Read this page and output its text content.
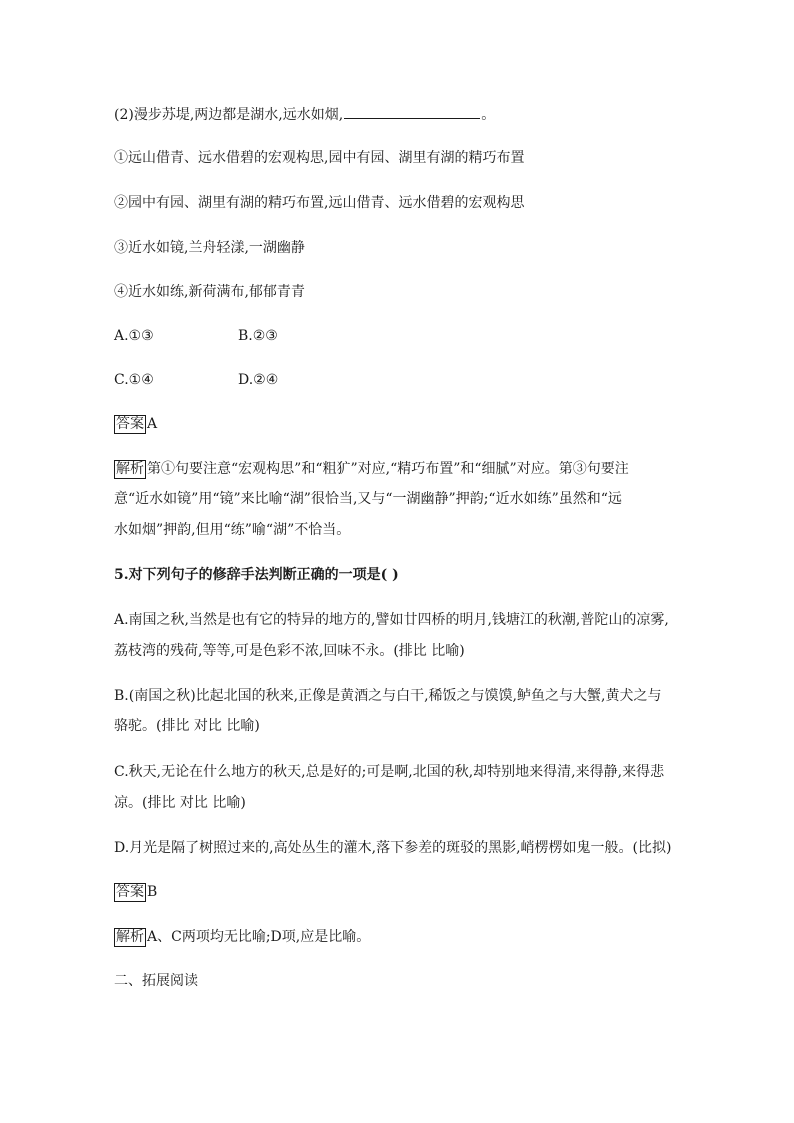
(2)漫步苏堤,两边都是湖水,远水如烟,	。
①远山借青、远水借碧的宏观构思,园中有园、湖里有湖的精巧布置
②园中有园、湖里有湖的精巧布置,远山借青、远水借碧的宏观构思
③近水如镜,兰舟轻漾,一湖幽静
④近水如练,新荷满布,郁郁青青
A.①③	B.②③
C.①④	D.②④
答案 A
解析 第①句要注意“宏观构思”和“粗犷”对应,“精巧布置”和“细腻”对应。第③句要注
意“近水如镜”用“镜”来比喻“湖”很恰当,又与“一湖幽静”押韵;“近水如练”虽然和“远
水如烟”押韵,但用“练”喻“湖”不恰当。
5.对下列句子的修辞手法判断正确的一项是( )
A.南国之秋,当然是也有它的特异的地方的,譬如廿四桥的明月,钱塘江的秋潮,普陀山的凉雾,
荔枝湾的残荷,等等,可是色彩不浓,回味不永。(排比 比喻)
B.(南国之秋)比起北国的秋来,正像是黄酒之与白干,稀饭之与馍馍,鲈鱼之与大蟹,黄犬之与
骆驼。(排比 对比 比喻)
C.秋天,无论在什么地方的秋天,总是好的;可是啊,北国的秋,却特别地来得清,来得静,来得悲
凉。(排比 对比 比喻)
D.月光是隔了树照过来的,高处丛生的灌木,落下参差的斑驳的黑影,峭楞楞如鬼一般。(比拟)
答案 B
解析 A、C两项均无比喻;D项,应是比喻。
二、拓展阅读
